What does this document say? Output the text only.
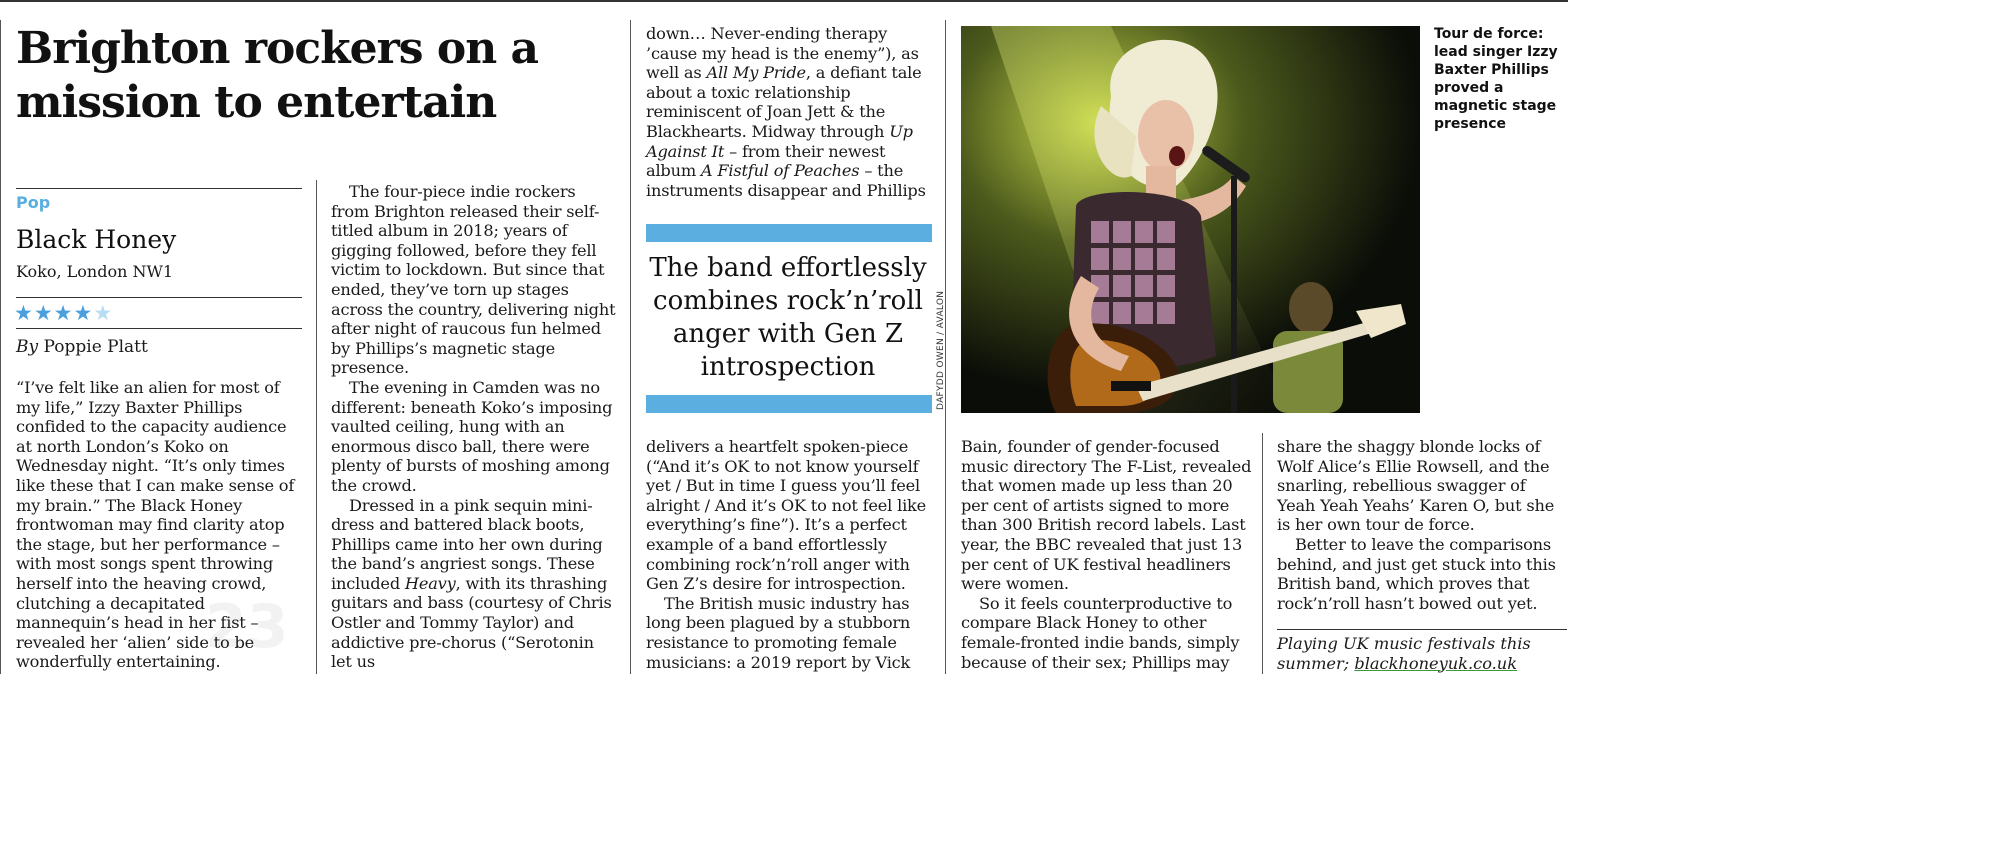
23
Brighton rockers on a mission to entertain
Pop
Black Honey
Koko, London NW1
★★★★★
By Poppie Platt

“I’ve felt like an alien for most of my life,” Izzy Baxter Phillips confided to the capacity audience at north London’s Koko on Wednesday night. “It’s only times like these that I can make sense of my brain.” The Black Honey frontwoman may find clarity atop the stage, but her performance – with most songs spent throwing herself into the heaving crowd, clutching a decapitated mannequin’s head in her fist – revealed her ‘alien’ side to be wonderfully entertaining.

The four-piece indie rockers from Brighton released their self-titled album in 2018; years of gigging followed, before they fell victim to lockdown. But since that ended, they’ve torn up stages across the country, delivering night after night of raucous fun helmed by Phillips’s magnetic stage presence.

The evening in Camden was no different: beneath Koko’s imposing vaulted ceiling, hung with an enormous disco ball, there were plenty of bursts of moshing among the crowd.

Dressed in a pink sequin mini-dress and battered black boots, Phillips came into her own during the band’s angriest songs. These included Heavy, with its thrashing guitars and bass (courtesy of Chris Ostler and Tommy Taylor) and addictive pre-chorus (“Serotonin let us

down… Never-ending therapy ’cause my head is the enemy”), as well as All My Pride, a defiant tale about a toxic relationship reminiscent of Joan Jett & the Blackhearts. Midway through Up Against It – from their newest album A Fistful of Peaches – the instruments disappear and Phillips

The band effortlessly combines rock’n’roll anger with Gen Z introspection

delivers a heartfelt spoken-piece (“And it’s OK to not know yourself yet / But in time I guess you’ll feel alright / And it’s OK to not feel like everything’s fine”). It’s a perfect example of a band effortlessly combining rock’n’roll anger with Gen Z’s desire for introspection.

The British music industry has long been plagued by a stubborn resistance to promoting female musicians: a 2019 report by Vick

Tour de force: lead singer Izzy Baxter Phillips proved a magnetic stage presence
DAFYDD OWEN / AVALON

Bain, founder of gender-focused music directory The F-List, revealed that women made up less than 20 per cent of artists signed to more than 300 British record labels. Last year, the BBC revealed that just 13 per cent of UK festival headliners were women.

So it feels counterproductive to compare Black Honey to other female-fronted indie bands, simply because of their sex; Phillips may

share the shaggy blonde locks of Wolf Alice’s Ellie Rowsell, and the snarling, rebellious swagger of Yeah Yeah Yeahs’ Karen O, but she is her own tour de force.

Better to leave the comparisons behind, and just get stuck into this British band, which proves that rock’n’roll hasn’t bowed out yet.

Playing UK music festivals this summer; blackhoneyuk.co.uk
